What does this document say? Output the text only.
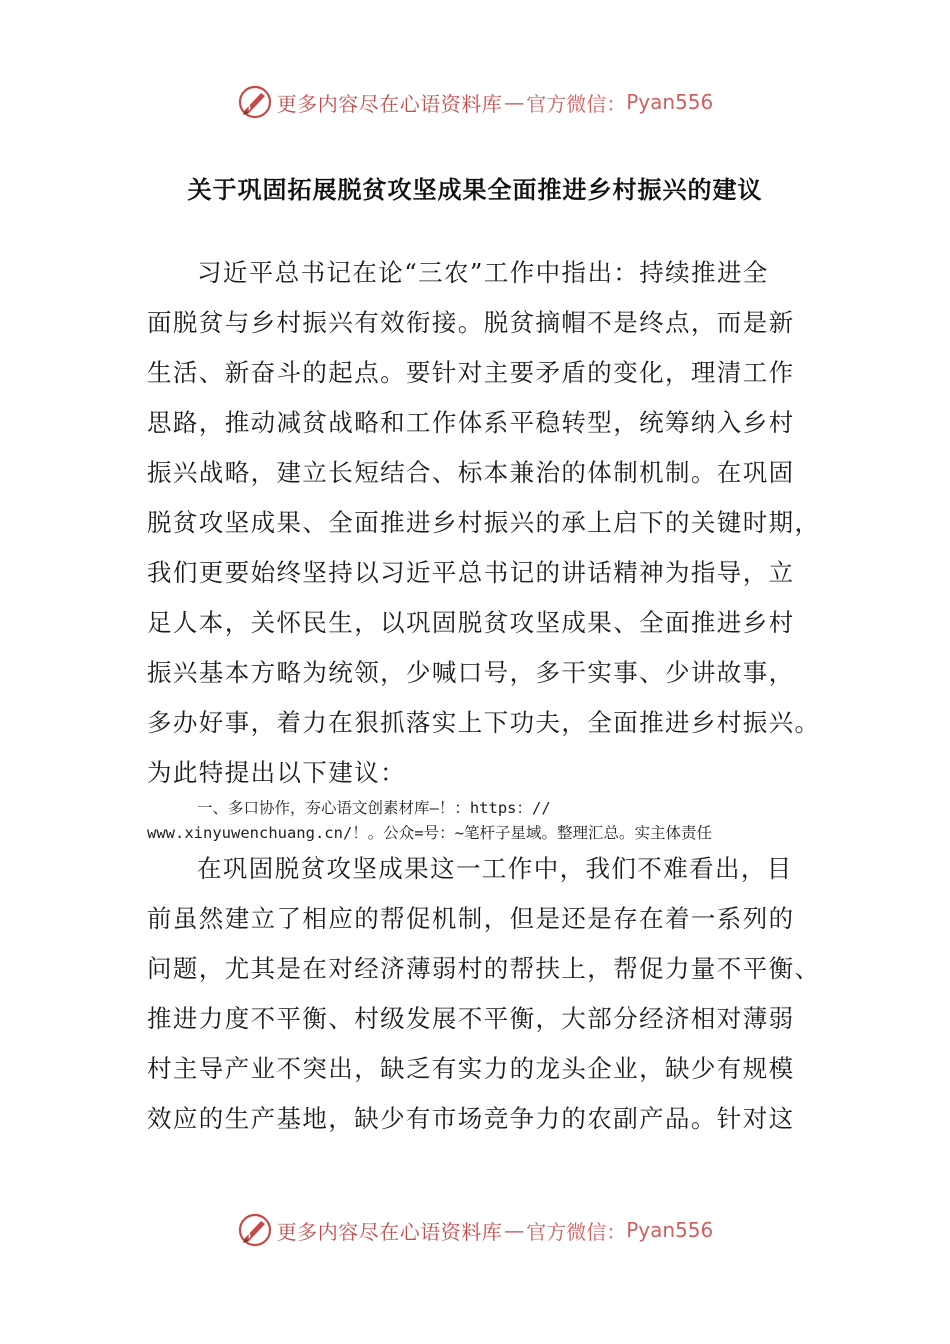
更多内容尽在心语资料库 — 官方微信： Pyan556
关于巩固拓展脱贫攻坚成果全面推进乡村振兴的建议
习近平总书记在论“三农”工作中指出：持续推进全
面脱贫与乡村振兴有效衔接。脱贫摘帽不是终点，而是新
生活、新奋斗的起点。要针对主要矛盾的变化，理清工作
思路，推动减贫战略和工作体系平稳转型，统筹纳入乡村
振兴战略，建立长短结合、标本兼治的体制机制。在巩固
脱贫攻坚成果、全面推进乡村振兴的承上启下的关键时期，
我们更要始终坚持以习近平总书记的讲话精神为指导，立
足人本，关怀民生，以巩固脱贫攻坚成果、全面推进乡村
振兴基本方略为统领，少喊口号，多干实事、少讲故事，
多办好事，着力在狠抓落实上下功夫，全面推进乡村振兴。
为此特提出以下建议：
一、多口协作，夯心语文创素材库—！：https：//
www.xinyuwenchuang.cn/！。公众=号：~笔杆子星域。整理汇总。实主体责任
在巩固脱贫攻坚成果这一工作中，我们不难看出，目
前虽然建立了相应的帮促机制，但是还是存在着一系列的
问题，尤其是在对经济薄弱村的帮扶上，帮促力量不平衡、
推进力度不平衡、村级发展不平衡，大部分经济相对薄弱
村主导产业不突出，缺乏有实力的龙头企业，缺少有规模
效应的生产基地，缺少有市场竞争力的农副产品。针对这
更多内容尽在心语资料库 — 官方微信： Pyan556
